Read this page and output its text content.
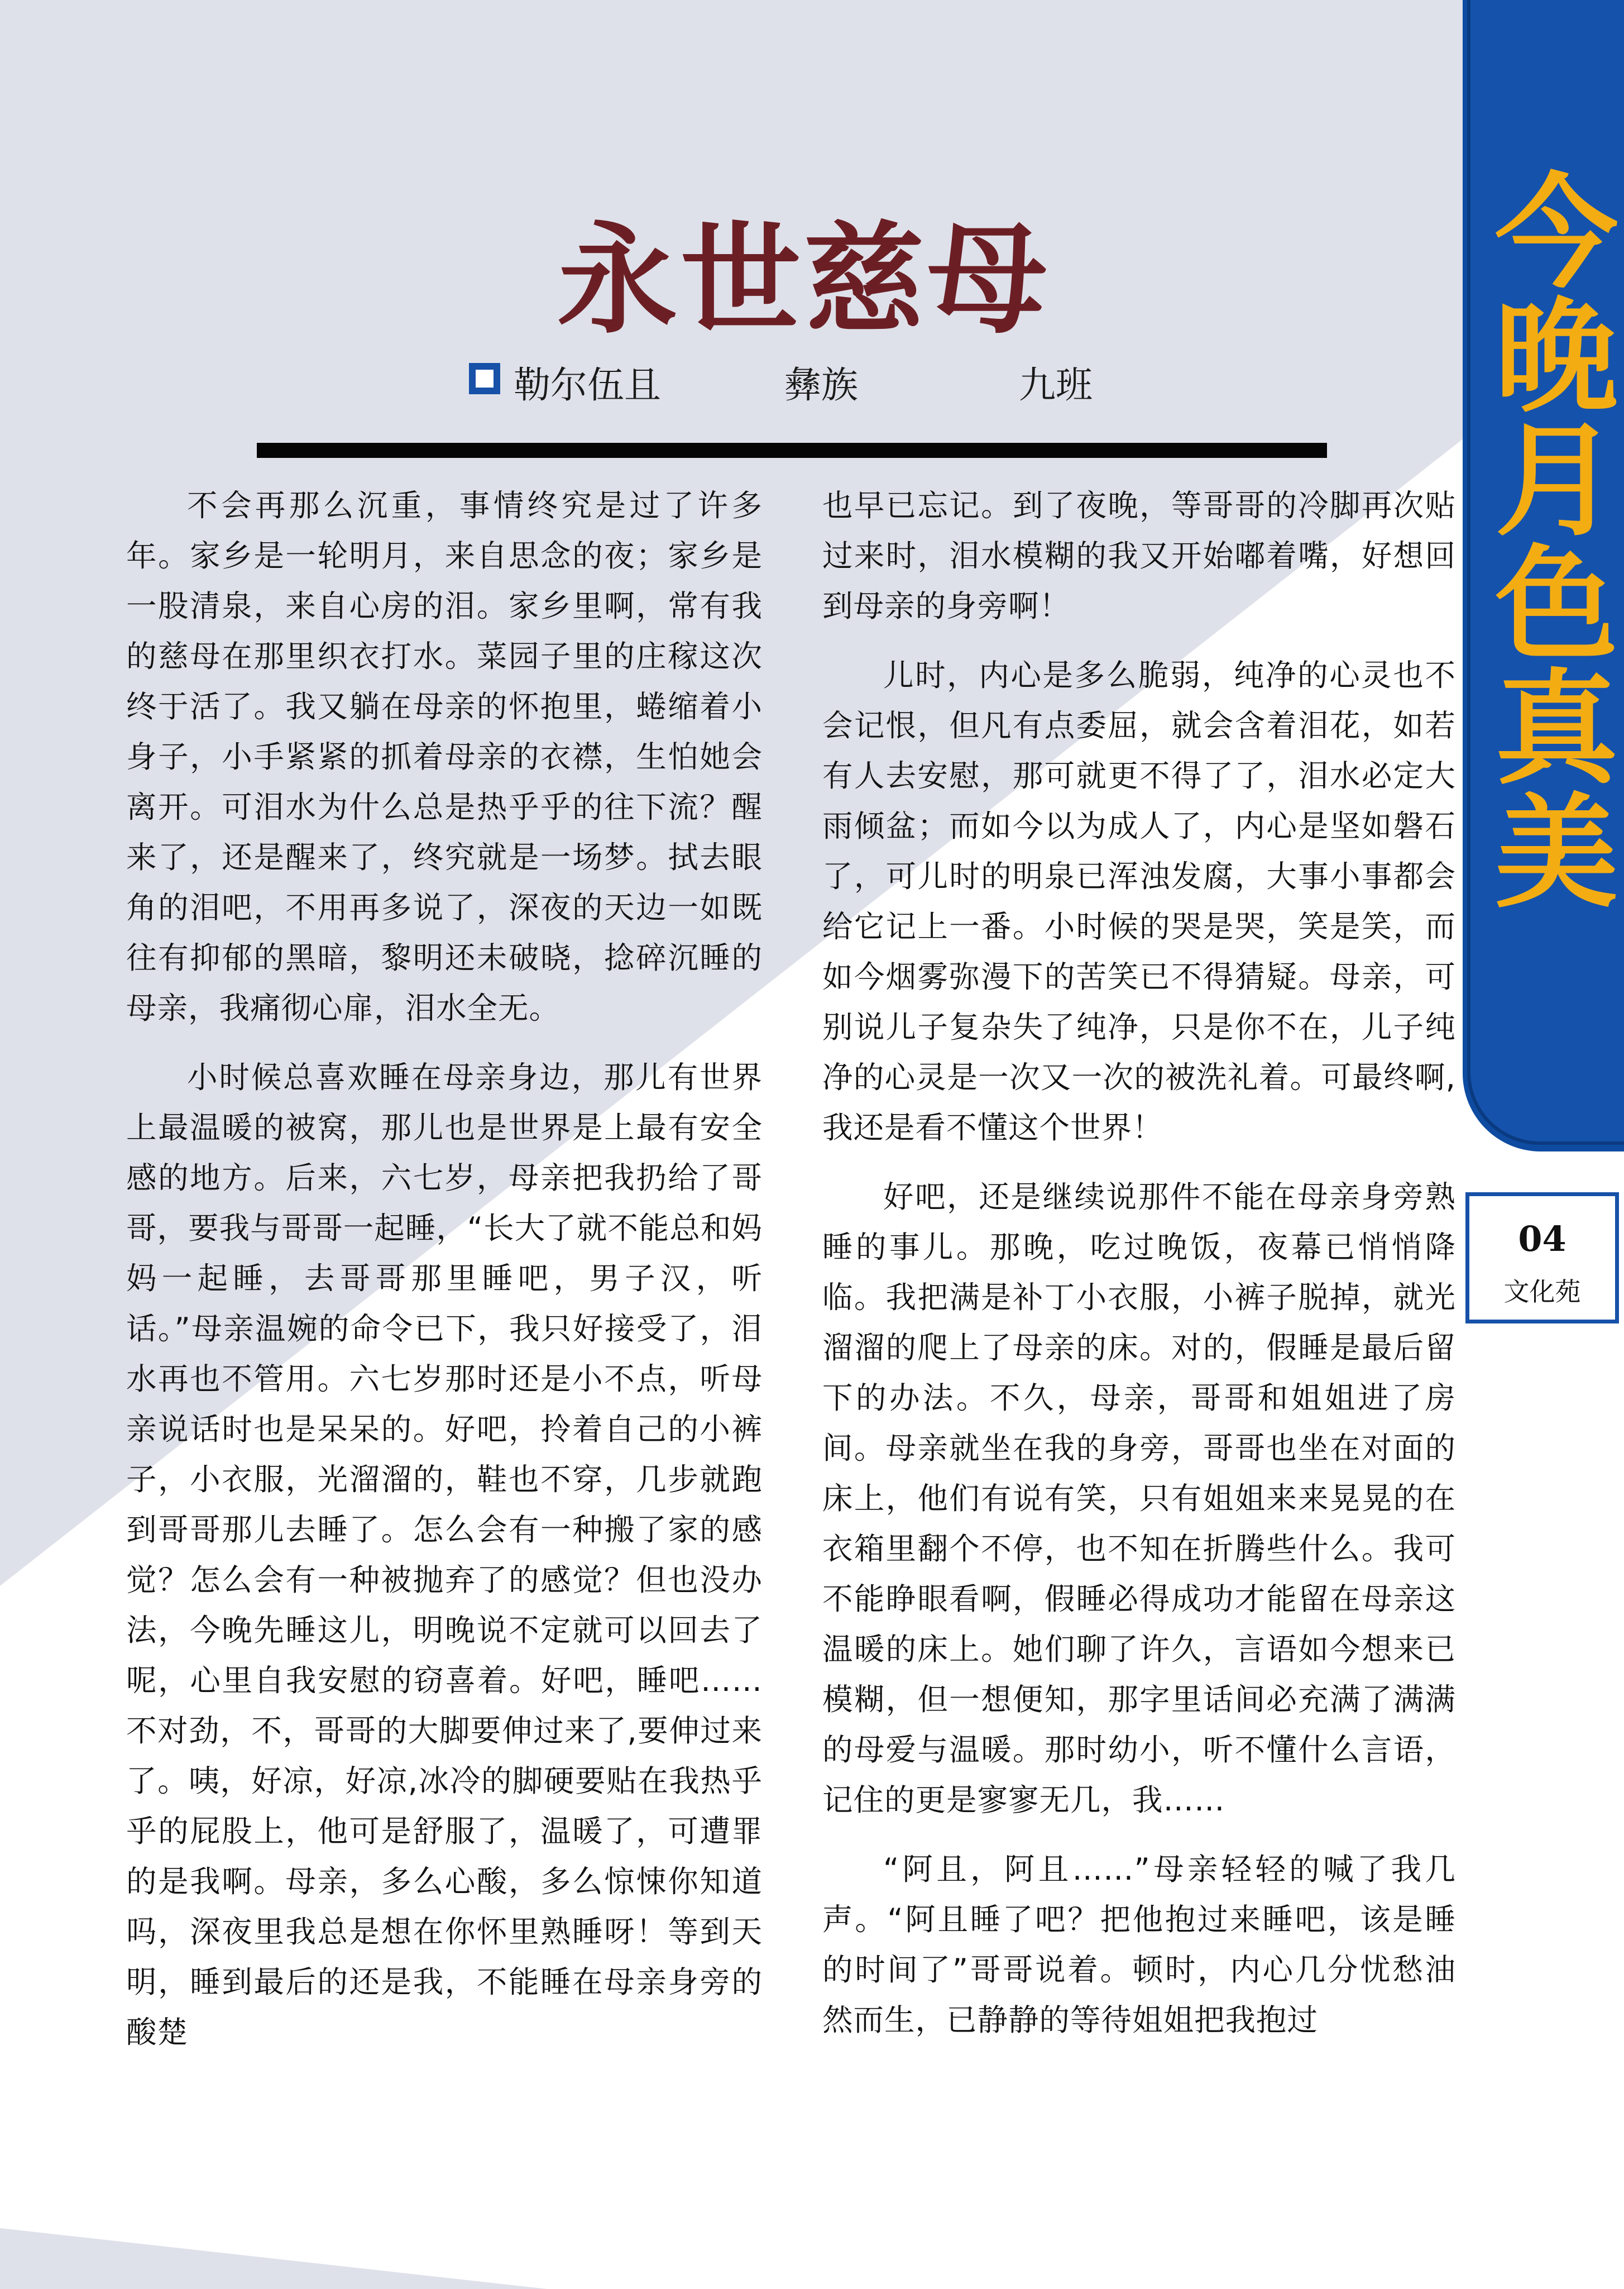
今晚月色真美
04
文化苑
永世慈母
勒尔伍且	彝族	九班

不会再那么沉重，事情终究是过了许多年。家乡是一轮明月，来自思念的夜；家乡是一股清泉，来自心房的泪。家乡里啊，常有我的慈母在那里织衣打水。菜园子里的庄稼这次终于活了。我又躺在母亲的怀抱里，蜷缩着小身子，小手紧紧的抓着母亲的衣襟，生怕她会离开。可泪水为什么总是热乎乎的往下流？醒来了，还是醒来了，终究就是一场梦。拭去眼角的泪吧，不用再多说了，深夜的天边一如既往有抑郁的黑暗，黎明还未破晓，捻碎沉睡的母亲，我痛彻心扉，泪水全无。

小时候总喜欢睡在母亲身边，那儿有世界上最温暖的被窝，那儿也是世界是上最有安全感的地方。后来，六七岁，母亲把我扔给了哥哥，要我与哥哥一起睡，“长大了就不能总和妈妈一起睡，去哥哥那里睡吧，男子汉，听话。”母亲温婉的命令已下，我只好接受了，泪水再也不管用。六七岁那时还是小不点，听母亲说话时也是呆呆的。好吧，拎着自己的小裤子，小衣服，光溜溜的，鞋也不穿，几步就跑到哥哥那儿去睡了。怎么会有一种搬了家的感觉？怎么会有一种被抛弃了的感觉？但也没办法，今晚先睡这儿，明晚说不定就可以回去了呢，心里自我安慰的窃喜着。好吧，睡吧……不对劲，不，哥哥的大脚要伸过来了,要伸过来了。咦，好凉，好凉,冰冷的脚硬要贴在我热乎乎的屁股上，他可是舒服了，温暖了，可遭罪的是我啊。母亲，多么心酸，多么惊悚你知道吗，深夜里我总是想在你怀里熟睡呀！等到天明，睡到最后的还是我，不能睡在母亲身旁的酸楚

也早已忘记。到了夜晚，等哥哥的冷脚再次贴过来时，泪水模糊的我又开始嘟着嘴，好想回到母亲的身旁啊！

儿时，内心是多么脆弱，纯净的心灵也不会记恨，但凡有点委屈，就会含着泪花，如若有人去安慰，那可就更不得了了，泪水必定大雨倾盆；而如今以为成人了，内心是坚如磐石了，可儿时的明泉已浑浊发腐，大事小事都会给它记上一番。小时候的哭是哭，笑是笑，而如今烟雾弥漫下的苦笑已不得猜疑。母亲，可别说儿子复杂失了纯净，只是你不在，儿子纯净的心灵是一次又一次的被洗礼着。可最终啊,我还是看不懂这个世界！

好吧，还是继续说那件不能在母亲身旁熟睡的事儿。那晚，吃过晚饭，夜幕已悄悄降临。我把满是补丁小衣服，小裤子脱掉，就光溜溜的爬上了母亲的床。对的，假睡是最后留下的办法。不久，母亲，哥哥和姐姐进了房间。母亲就坐在我的身旁，哥哥也坐在对面的床上，他们有说有笑，只有姐姐来来晃晃的在衣箱里翻个不停，也不知在折腾些什么。我可不能睁眼看啊，假睡必得成功才能留在母亲这温暖的床上。她们聊了许久，言语如今想来已模糊，但一想便知，那字里话间必充满了满满的母爱与温暖。那时幼小，听不懂什么言语，记住的更是寥寥无几，我……

“阿且，阿且……”母亲轻轻的喊了我几声。“阿且睡了吧？把他抱过来睡吧，该是睡的时间了”哥哥说着。顿时，内心几分忧愁油然而生，已静静的等待姐姐把我抱过
